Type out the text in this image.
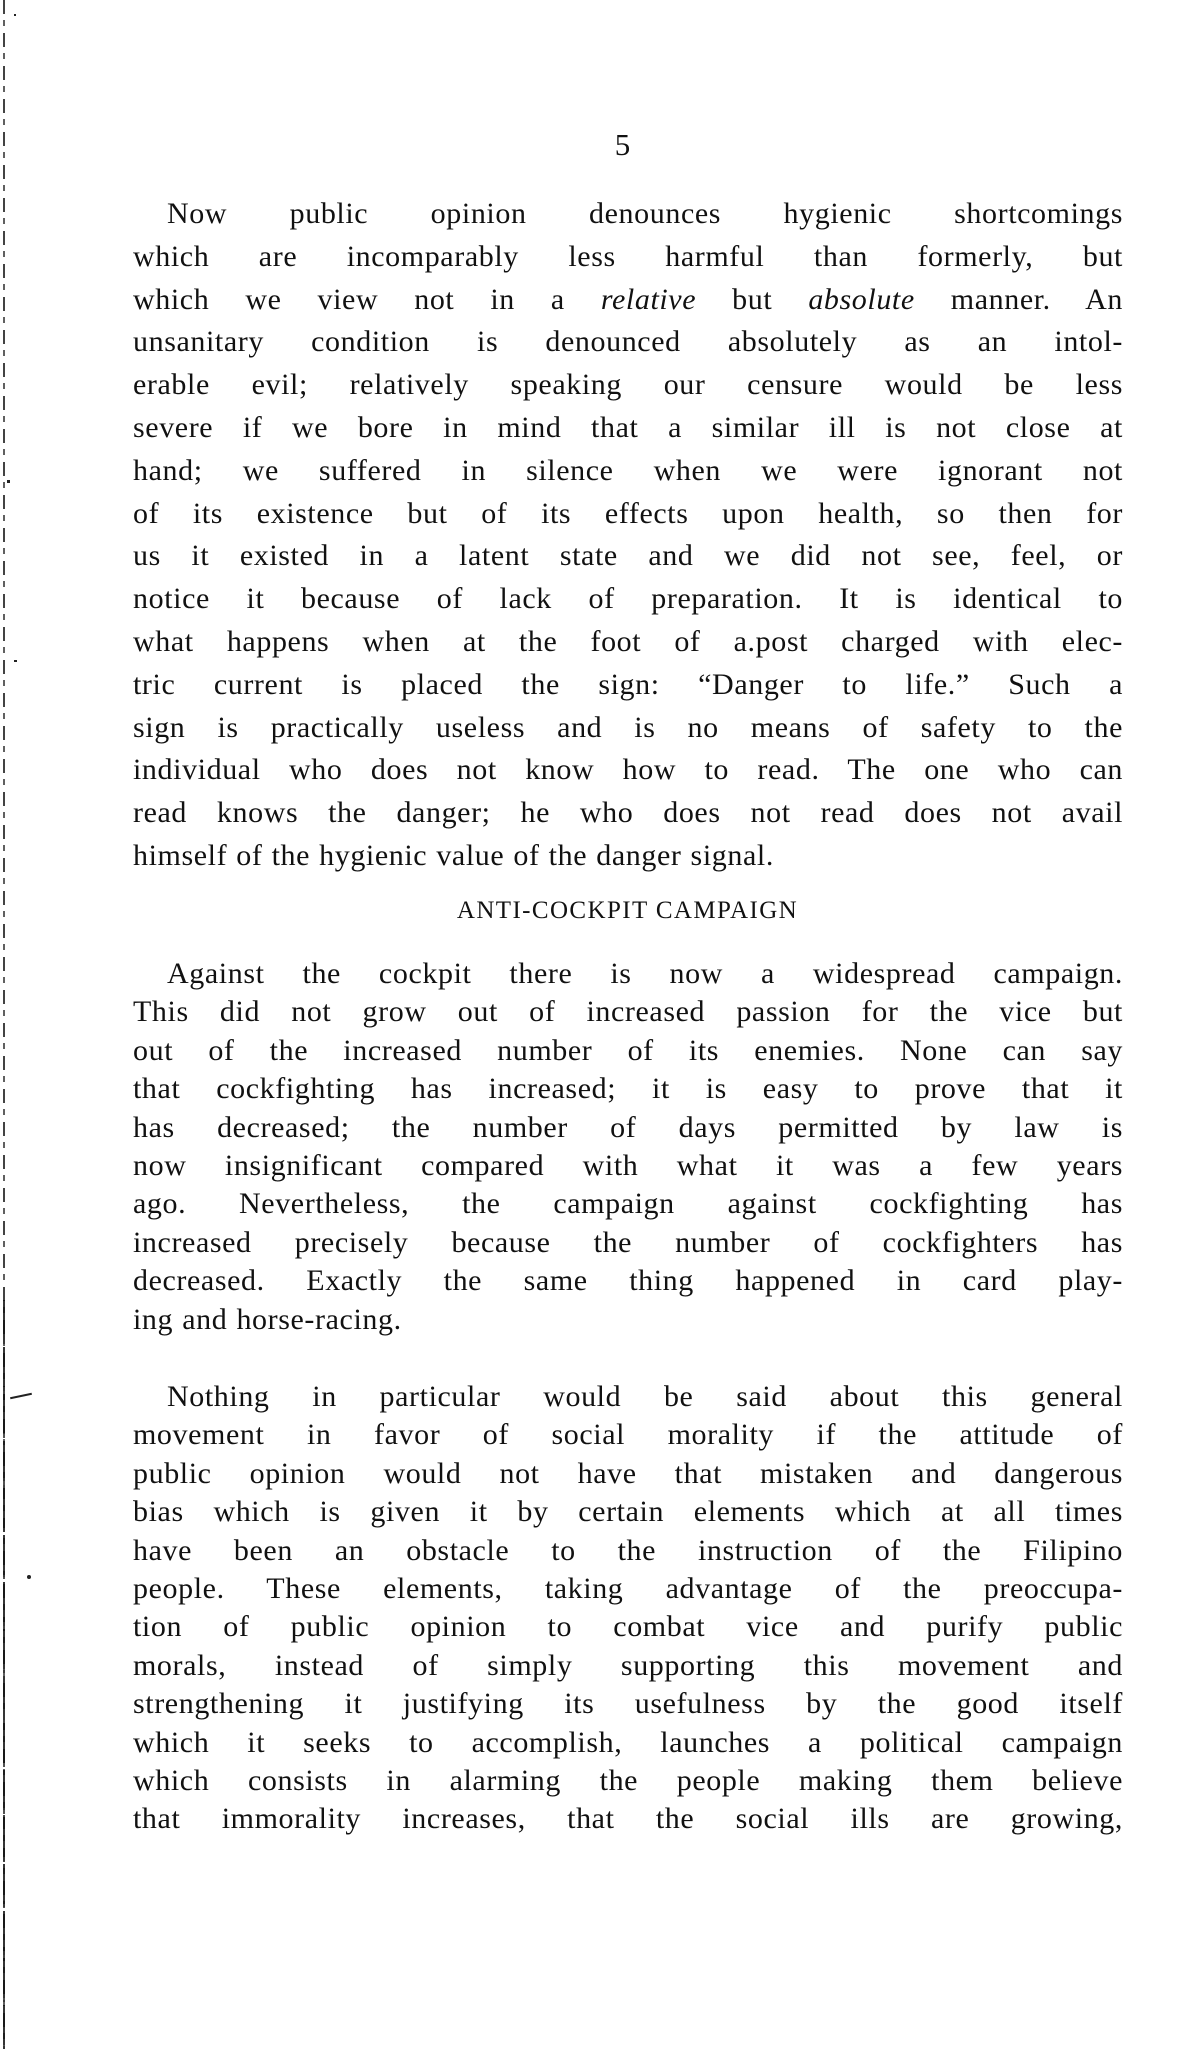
5
Now public opinion denounces hygienic shortcomings
which are incomparably less harmful than formerly, but
which we view not in a relative but absolute manner. An
unsanitary condition is denounced absolutely as an intol-
erable evil; relatively speaking our censure would be less
severe if we bore in mind that a similar ill is not close at
hand; we suffered in silence when we were ignorant not
of its existence but of its effects upon health, so then for
us it existed in a latent state and we did not see, feel, or
notice it because of lack of preparation. It is identical to
what happens when at the foot of a.post charged with elec-
tric current is placed the sign: “Danger to life.” Such a
sign is practically useless and is no means of safety to the
individual who does not know how to read. The one who can
read knows the danger; he who does not read does not avail
himself of the hygienic value of the danger signal.
ANTI-COCKPIT CAMPAIGN
Against the cockpit there is now a widespread campaign.
This did not grow out of increased passion for the vice but
out of the increased number of its enemies. None can say
that cockfighting has increased; it is easy to prove that it
has decreased; the number of days permitted by law is
now insignificant compared with what it was a few years
ago. Nevertheless, the campaign against cockfighting has
increased precisely because the number of cockfighters has
decreased. Exactly the same thing happened in card play-
ing and horse-racing.
Nothing in particular would be said about this general
movement in favor of social morality if the attitude of
public opinion would not have that mistaken and dangerous
bias which is given it by certain elements which at all times
have been an obstacle to the instruction of the Filipino
people. These elements, taking advantage of the preoccupa-
tion of public opinion to combat vice and purify public
morals, instead of simply supporting this movement and
strengthening it justifying its usefulness by the good itself
which it seeks to accomplish, launches a political campaign
which consists in alarming the people making them believe
that immorality increases, that the social ills are growing,
